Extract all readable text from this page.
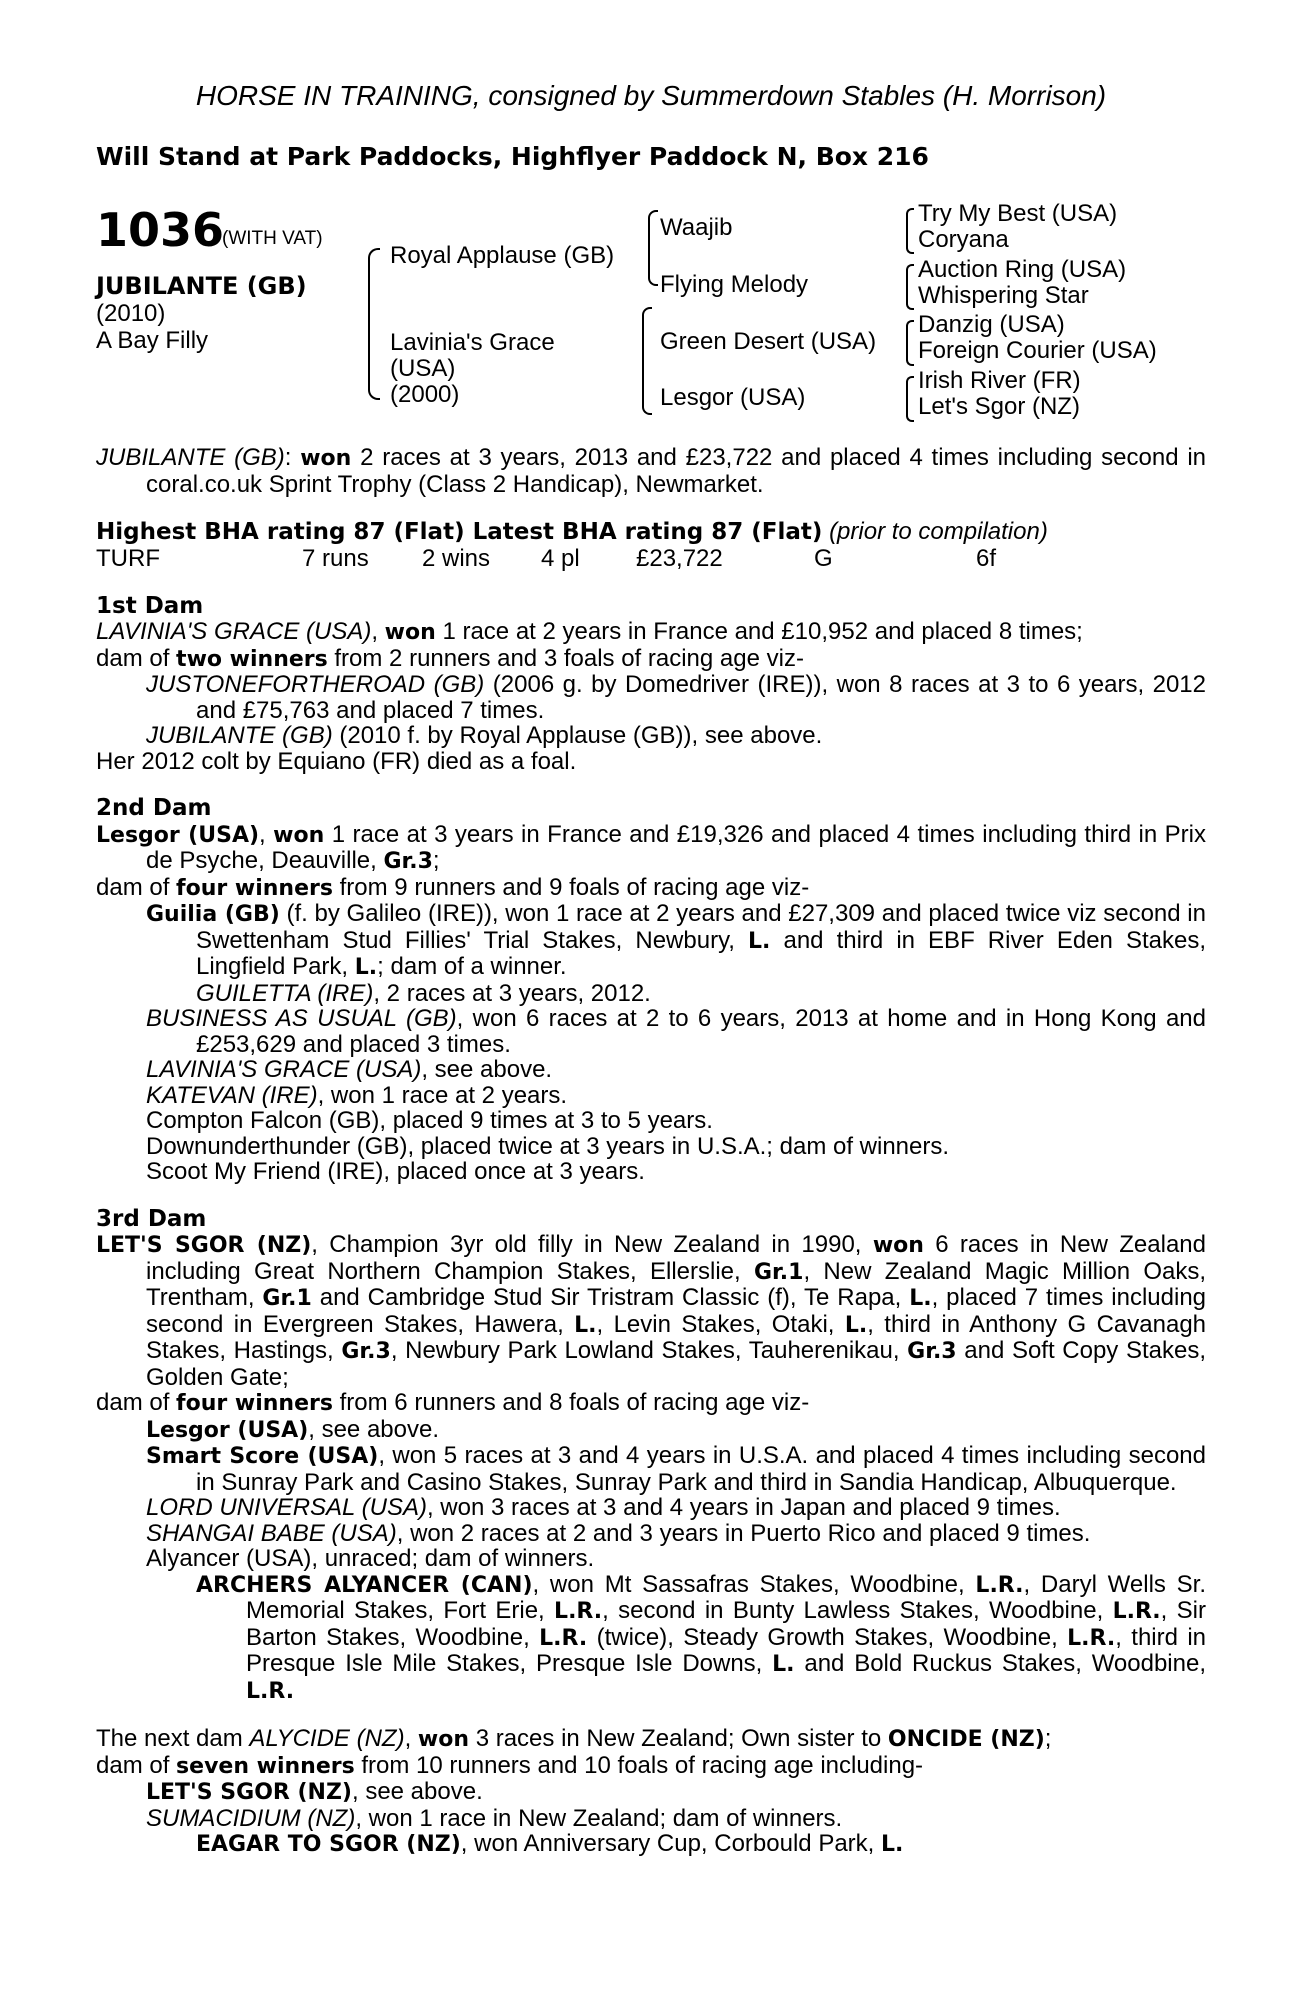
HORSE IN TRAINING, consigned by Summerdown Stables (H. Morrison)
Will Stand at Park Paddocks, Highflyer Paddock N, Box 216
1036
(WITH VAT)
JUBILANTE (GB)
(2010)
A Bay Filly
Royal Applause (GB)
Lavinia's Grace
(USA)
(2000)
Waajib
Flying Melody
Green Desert (USA)
Lesgor (USA)
Try My Best (USA)
Coryana
Auction Ring (USA)
Whispering Star
Danzig (USA)
Foreign Courier (USA)
Irish River (FR)
Let's Sgor (NZ)

JUBILANTE (GB): won 2 races at 3 years, 2013 and £23,722 and placed 4 times including second in coral.co.uk Sprint Trophy (Class 2 Handicap), Newmarket.

Highest BHA rating 87 (Flat) Latest BHA rating 87 (Flat) (prior to compilation)

TURF	7 runs 2 wins 4 pl £23,722	G	6f

1st Dam

LAVINIA'S GRACE (USA), won 1 race at 2 years in France and £10,952 and placed 8 times;

dam of two winners from 2 runners and 3 foals of racing age viz-

JUSTONEFORTHEROAD (GB) (2006 g. by Domedriver (IRE)), won 8 races at 3 to 6 years, 2012 and £75,763 and placed 7 times.

JUBILANTE (GB) (2010 f. by Royal Applause (GB)), see above.

Her 2012 colt by Equiano (FR) died as a foal.

2nd Dam

Lesgor (USA), won 1 race at 3 years in France and £19,326 and placed 4 times including third in Prix de Psyche, Deauville, Gr.3;

dam of four winners from 9 runners and 9 foals of racing age viz-

Guilia (GB) (f. by Galileo (IRE)), won 1 race at 2 years and £27,309 and placed twice viz second in Swettenham Stud Fillies' Trial Stakes, Newbury, L. and third in EBF River Eden Stakes, Lingfield Park, L.; dam of a winner.

GUILETTA (IRE), 2 races at 3 years, 2012.

BUSINESS AS USUAL (GB), won 6 races at 2 to 6 years, 2013 at home and in Hong Kong and £253,629 and placed 3 times.

LAVINIA'S GRACE (USA), see above.

KATEVAN (IRE), won 1 race at 2 years.

Compton Falcon (GB), placed 9 times at 3 to 5 years.

Downunderthunder (GB), placed twice at 3 years in U.S.A.; dam of winners.

Scoot My Friend (IRE), placed once at 3 years.

3rd Dam

LET'S SGOR (NZ), Champion 3yr old filly in New Zealand in 1990, won 6 races in New Zealand including Great Northern Champion Stakes, Ellerslie, Gr.1, New Zealand Magic Million Oaks, Trentham, Gr.1 and Cambridge Stud Sir Tristram Classic (f), Te Rapa, L., placed 7 times including second in Evergreen Stakes, Hawera, L., Levin Stakes, Otaki, L., third in Anthony G Cavanagh Stakes, Hastings, Gr.3, Newbury Park Lowland Stakes, Tauherenikau, Gr.3 and Soft Copy Stakes, Golden Gate;

dam of four winners from 6 runners and 8 foals of racing age viz-

Lesgor (USA), see above.

Smart Score (USA), won 5 races at 3 and 4 years in U.S.A. and placed 4 times including second in Sunray Park and Casino Stakes, Sunray Park and third in Sandia Handicap, Albuquerque.

LORD UNIVERSAL (USA), won 3 races at 3 and 4 years in Japan and placed 9 times.

SHANGAI BABE (USA), won 2 races at 2 and 3 years in Puerto Rico and placed 9 times.

Alyancer (USA), unraced; dam of winners.

ARCHERS ALYANCER (CAN), won Mt Sassafras Stakes, Woodbine, L.R., Daryl Wells Sr. Memorial Stakes, Fort Erie, L.R., second in Bunty Lawless Stakes, Woodbine, L.R., Sir Barton Stakes, Woodbine, L.R. (twice), Steady Growth Stakes, Woodbine, L.R., third in Presque Isle Mile Stakes, Presque Isle Downs, L. and Bold Ruckus Stakes, Woodbine, L.R.

The next dam ALYCIDE (NZ), won 3 races in New Zealand; Own sister to ONCIDE (NZ);

dam of seven winners from 10 runners and 10 foals of racing age including-

LET'S SGOR (NZ), see above.

SUMACIDIUM (NZ), won 1 race in New Zealand; dam of winners.

EAGAR TO SGOR (NZ), won Anniversary Cup, Corbould Park, L.
